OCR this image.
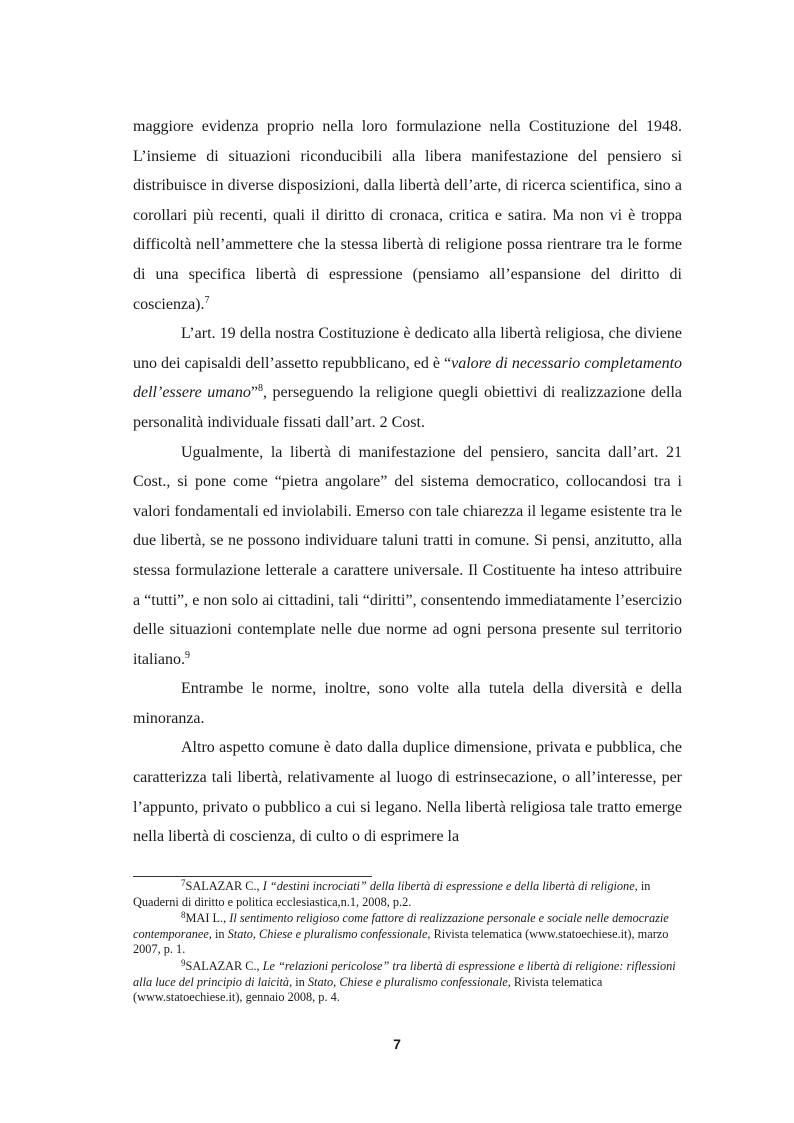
maggiore evidenza proprio nella loro formulazione nella Costituzione del 1948. L’insieme di situazioni riconducibili alla libera manifestazione del pensiero si distribuisce in diverse disposizioni, dalla libertà dell’arte, di ricerca scientifica, sino a corollari più recenti, quali il diritto di cronaca, critica e satira. Ma non vi è troppa difficoltà nell’ammettere che la stessa libertà di religione possa rientrare tra le forme di una specifica libertà di espressione (pensiamo all’espansione del diritto di coscienza).$^7$

L’art. 19 della nostra Costituzione è dedicato alla libertà religiosa, che diviene uno dei capisaldi dell’assetto repubblicano, ed è “valore di necessario completamento dell’essere umano”$^8$, perseguendo la religione quegli obiettivi di realizzazione della personalità individuale fissati dall’art. 2 Cost.

Ugualmente, la libertà di manifestazione del pensiero, sancita dall’art. 21 Cost., si pone come “pietra angolare” del sistema democratico, collocandosi tra i valori fondamentali ed inviolabili. Emerso con tale chiarezza il legame esistente tra le due libertà, se ne possono individuare taluni tratti in comune. Si pensi, anzitutto, alla stessa formulazione letterale a carattere universale. Il Costituente ha inteso attribuire a “tutti”, e non solo ai cittadini, tali “diritti”, consentendo immediatamente l’esercizio delle situazioni contemplate nelle due norme ad ogni persona presente sul territorio italiano.$^9$

Entrambe le norme, inoltre, sono volte alla tutela della diversità e della minoranza.

Altro aspetto comune è dato dalla duplice dimensione, privata e pubblica, che caratterizza tali libertà, relativamente al luogo di estrinsecazione, o all’interesse, per l’appunto, privato o pubblico a cui si legano. Nella libertà religiosa tale tratto emerge nella libertà di coscienza, di culto o di esprimere la

$^7$SALAZAR C., I “destini incrociati” della libertà di espressione e della libertà di religione, in Quaderni di diritto e politica ecclesiastica,n.1, 2008, p.2.

$^8$MAI L., Il sentimento religioso come fattore di realizzazione personale e sociale nelle democrazie contemporanee, in Stato, Chiese e pluralismo confessionale, Rivista telematica (www.statoechiese.it), marzo 2007, p. 1.

$^9$SALAZAR C., Le “relazioni pericolose” tra libertà di espressione e libertà di religione: riflessioni alla luce del principio di laicità, in Stato, Chiese e pluralismo confessionale, Rivista telematica (www.statoechiese.it), gennaio 2008, p. 4.

7
